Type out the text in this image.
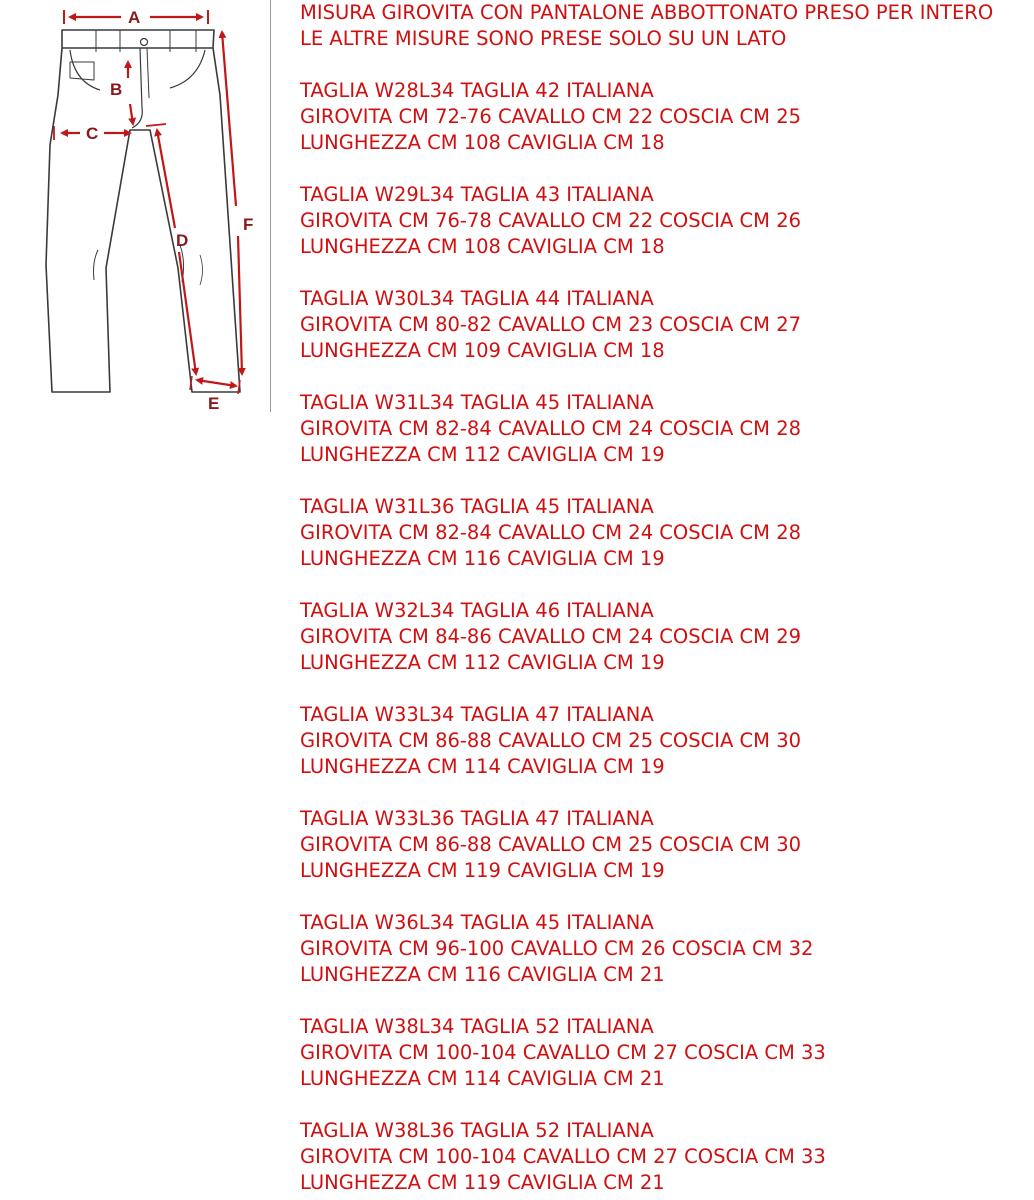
A
B
C
D
F
E
MISURA GIROVITA CON PANTALONE ABBOTTONATO PRESO PER INTERO
LE ALTRE MISURE SONO PRESE SOLO SU UN LATO
TAGLIA W28L34 TAGLIA 42 ITALIANA
GIROVITA CM 72-76 CAVALLO CM 22 COSCIA CM 25
LUNGHEZZA CM 108 CAVIGLIA CM 18
TAGLIA W29L34 TAGLIA 43 ITALIANA
GIROVITA CM 76-78 CAVALLO CM 22 COSCIA CM 26
LUNGHEZZA CM 108 CAVIGLIA CM 18
TAGLIA W30L34 TAGLIA 44 ITALIANA
GIROVITA CM 80-82 CAVALLO CM 23 COSCIA CM 27
LUNGHEZZA CM 109 CAVIGLIA CM 18
TAGLIA W31L34 TAGLIA 45 ITALIANA
GIROVITA CM 82-84 CAVALLO CM 24 COSCIA CM 28
LUNGHEZZA CM 112 CAVIGLIA CM 19
TAGLIA W31L36 TAGLIA 45 ITALIANA
GIROVITA CM 82-84 CAVALLO CM 24 COSCIA CM 28
LUNGHEZZA CM 116 CAVIGLIA CM 19
TAGLIA W32L34 TAGLIA 46 ITALIANA
GIROVITA CM 84-86 CAVALLO CM 24 COSCIA CM 29
LUNGHEZZA CM 112 CAVIGLIA CM 19
TAGLIA W33L34 TAGLIA 47 ITALIANA
GIROVITA CM 86-88 CAVALLO CM 25 COSCIA CM 30
LUNGHEZZA CM 114 CAVIGLIA CM 19
TAGLIA W33L36 TAGLIA 47 ITALIANA
GIROVITA CM 86-88 CAVALLO CM 25 COSCIA CM 30
LUNGHEZZA CM 119 CAVIGLIA CM 19
TAGLIA W36L34 TAGLIA 45 ITALIANA
GIROVITA CM 96-100 CAVALLO CM 26 COSCIA CM 32
LUNGHEZZA CM 116 CAVIGLIA CM 21
TAGLIA W38L34 TAGLIA 52 ITALIANA
GIROVITA CM 100-104 CAVALLO CM 27 COSCIA CM 33
LUNGHEZZA CM 114 CAVIGLIA CM 21
TAGLIA W38L36 TAGLIA 52 ITALIANA
GIROVITA CM 100-104 CAVALLO CM 27 COSCIA CM 33
LUNGHEZZA CM 119 CAVIGLIA CM 21
